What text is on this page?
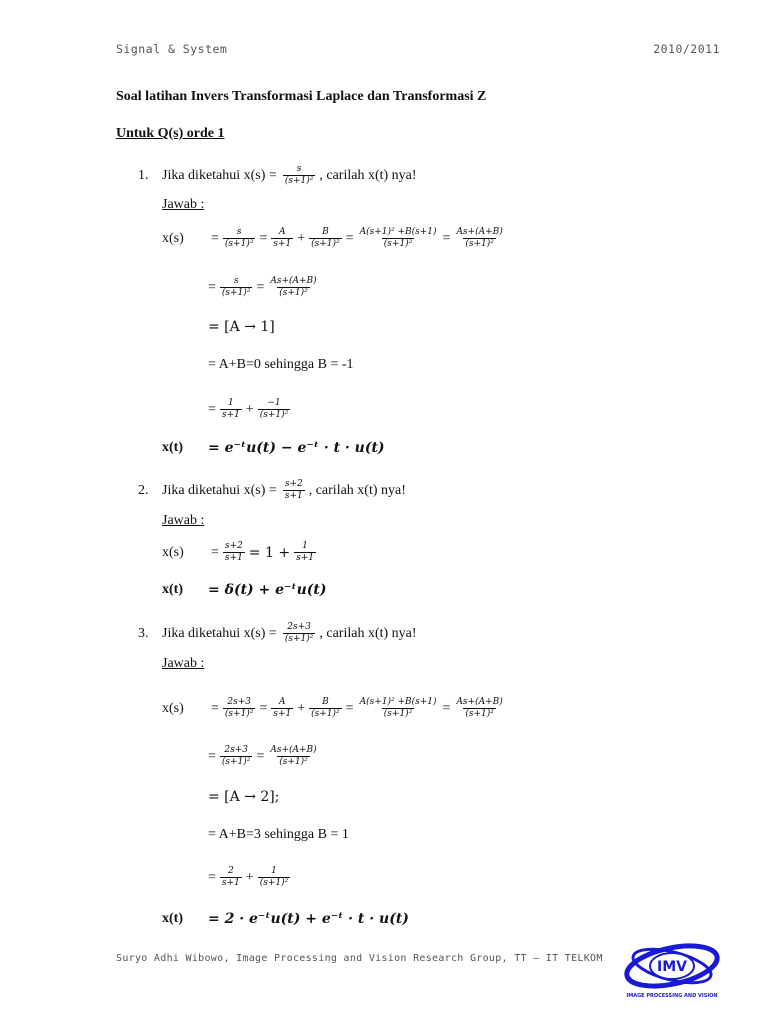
Signal & System	2010/2011
Soal latihan Invers Transformasi Laplace dan Transformasi Z
Untuk Q(s) orde 1
1. Jika diketahui $x(s) = \frac{s}{\text{(s+1)²}}$ , carilah x(t) nya!
Jawab :
x(s)	= $\frac{s}{\text{(s+1)²}} = \frac{A}{s+1} + \frac{B}{\text{(s+1)²}} = \frac{\text{A(s+1)² +B(s+1)}}{\text{(s+1)²}} = \frac{As+(A+B)}{\text{(s+1)²}}$
= $\frac{s}{\text{(s+1)²}} = \frac{As+(A+B)}{\text{(s+1)²}}$
= [A → 1]
= A+B=0 sehingga B = -1
= $\frac{1}{s+1} + \frac{-1}{\text{(s+1)²}}$
x(t)	= e⁻ᵗu(t) − e⁻ᵗ · t · u(t)
2. Jika diketahui $x(s) = \frac{s+2}{s+1}$ , carilah x(t) nya!
Jawab :
x(s)	= $\frac{s+2}{s+1} = 1 + \frac{1}{s+1}$
x(t)	= δ(t) + e⁻ᵗu(t)
3. Jika diketahui $x(s) = \frac{2s+3}{\text{(s+1)²}}$ , carilah x(t) nya!
Jawab :
x(s)	= $\frac{2s+3}{\text{(s+1)²}} = \frac{A}{s+1} + \frac{B}{\text{(s+1)²}} = \frac{\text{A(s+1)² +B(s+1)}}{\text{(s+1)²}} = \frac{As+(A+B)}{\text{(s+1)²}}$
= $\frac{2s+3}{\text{(s+1)²}} = \frac{As+(A+B)}{\text{(s+1)²}}$
= [A → 2];
= A+B=3 sehingga B = 1
= $\frac{2}{s+1} + \frac{1}{\text{(s+1)²}}$
x(t)	= 2 · e⁻ᵗu(t) + e⁻ᵗ · t · u(t)
Suryo Adhi Wibowo, Image Processing and Vision Research Group, TT – IT TELKOM
IMV
IMAGE PROCESSING AND VISION
